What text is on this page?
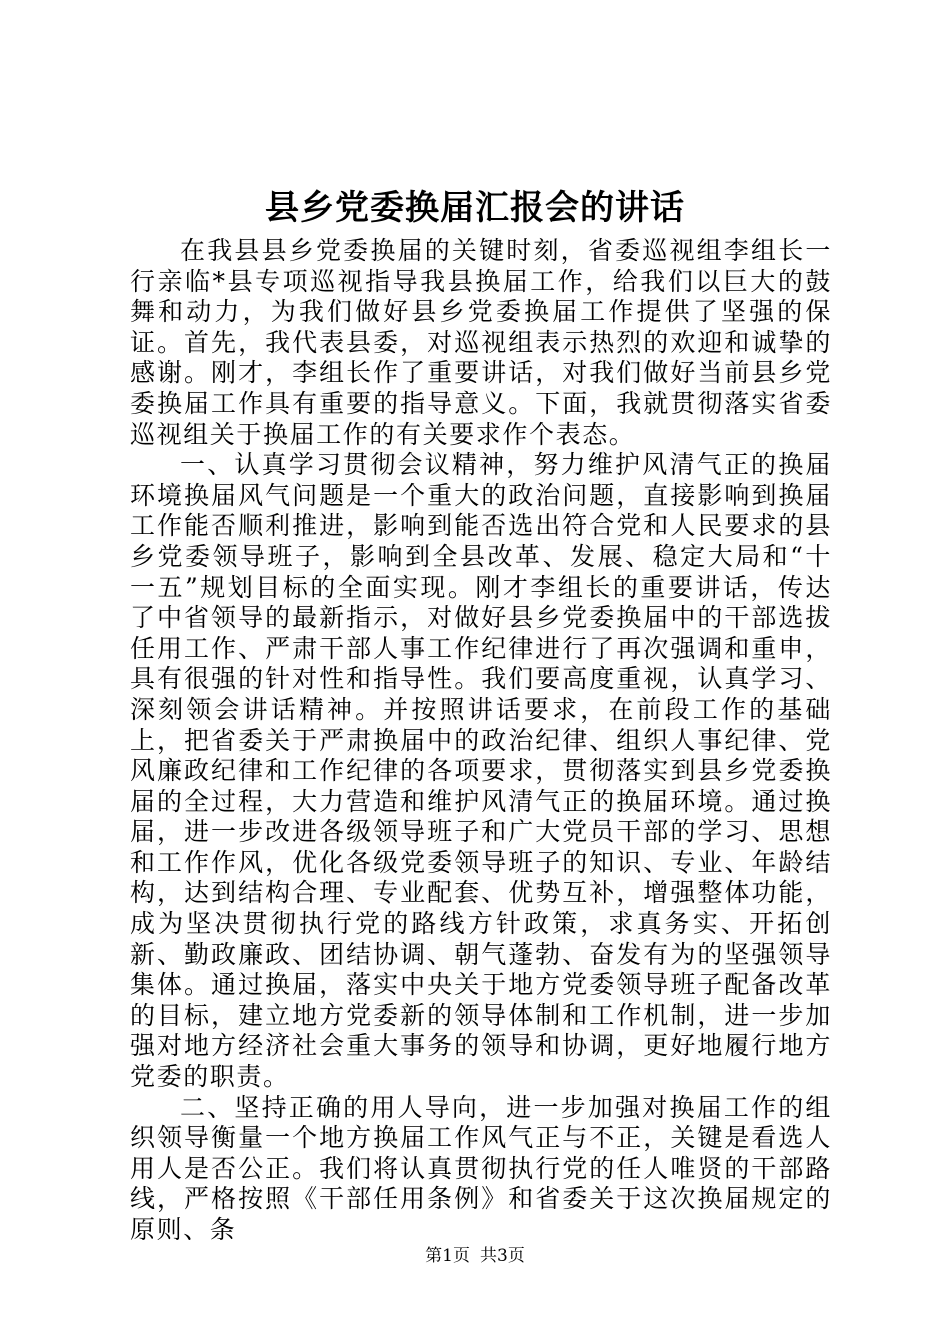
县乡党委换届汇报会的讲话

在我县县乡党委换届的关键时刻，省委巡视组李组长一行亲临*县专项巡视指导我县换届工作，给我们以巨大的鼓舞和动力，为我们做好县乡党委换届工作提供了坚强的保证。首先，我代表县委，对巡视组表示热烈的欢迎和诚挚的感谢。刚才，李组长作了重要讲话，对我们做好当前县乡党委换届工作具有重要的指导意义。下面，我就贯彻落实省委巡视组关于换届工作的有关要求作个表态。

一、认真学习贯彻会议精神，努力维护风清气正的换届环境换届风气问题是一个重大的政治问题，直接影响到换届工作能否顺利推进，影响到能否选出符合党和人民要求的县乡党委领导班子，影响到全县改革、发展、稳定大局和“十一五”规划目标的全面实现。刚才李组长的重要讲话，传达了中省领导的最新指示，对做好县乡党委换届中的干部选拔任用工作、严肃干部人事工作纪律进行了再次强调和重申，具有很强的针对性和指导性。我们要高度重视，认真学习、深刻领会讲话精神。并按照讲话要求，在前段工作的基础上，把省委关于严肃换届中的政治纪律、组织人事纪律、党风廉政纪律和工作纪律的各项要求，贯彻落实到县乡党委换届的全过程，大力营造和维护风清气正的换届环境。通过换届，进一步改进各级领导班子和广大党员干部的学习、思想和工作作风，优化各级党委领导班子的知识、专业、年龄结构，达到结构合理、专业配套、优势互补，增强整体功能，成为坚决贯彻执行党的路线方针政策，求真务实、开拓创新、勤政廉政、团结协调、朝气蓬勃、奋发有为的坚强领导集体。通过换届，落实中央关于地方党委领导班子配备改革的目标，建立地方党委新的领导体制和工作机制，进一步加强对地方经济社会重大事务的领导和协调，更好地履行地方党委的职责。

二、坚持正确的用人导向，进一步加强对换届工作的组织领导衡量一个地方换届工作风气正与不正，关键是看选人用人是否公正。我们将认真贯彻执行党的任人唯贤的干部路线，严格按照《干部任用条例》和省委关于这次换届规定的原则、条

第1页 共3页
